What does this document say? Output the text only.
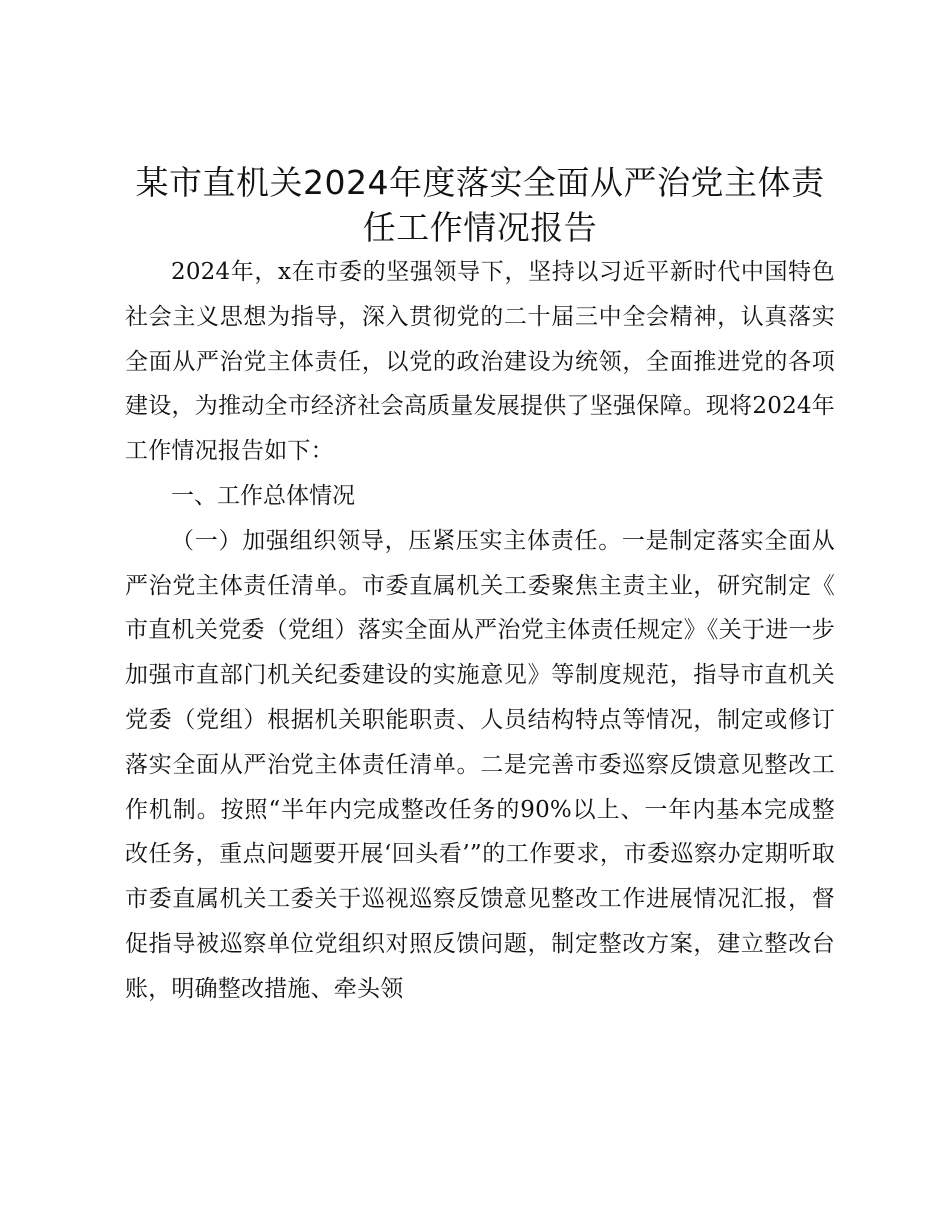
某市直机关2024年度落实全面从严治党主体责
任工作情况报告

2024年，x在市委的坚强领导下，坚持以习近平新时代中国特色社会主义思想为指导，深入贯彻党的二十届三中全会精神，认真落实全面从严治党主体责任，以党的政治建设为统领，全面推进党的各项建设，为推动全市经济社会高质量发展提供了坚强保障。现将2024年工作情况报告如下：

一、工作总体情况

（一）加强组织领导，压紧压实主体责任。一是制定落实全面从严治党主体责任清单。市委直属机关工委聚焦主责主业，研究制定《市直机关党委（党组）落实全面从严治党主体责任规定》《关于进一步加强市直部门机关纪委建设的实施意见》等制度规范，指导市直机关党委（党组）根据机关职能职责、人员结构特点等情况，制定或修订落实全面从严治党主体责任清单。二是完善市委巡察反馈意见整改工作机制。按照“半年内完成整改任务的90%以上、一年内基本完成整改任务，重点问题要开展‘回头看’”的工作要求，市委巡察办定期听取市委直属机关工委关于巡视巡察反馈意见整改工作进展情况汇报，督促指导被巡察单位党组织对照反馈问题，制定整改方案，建立整改台账，明确整改措施、牵头领
